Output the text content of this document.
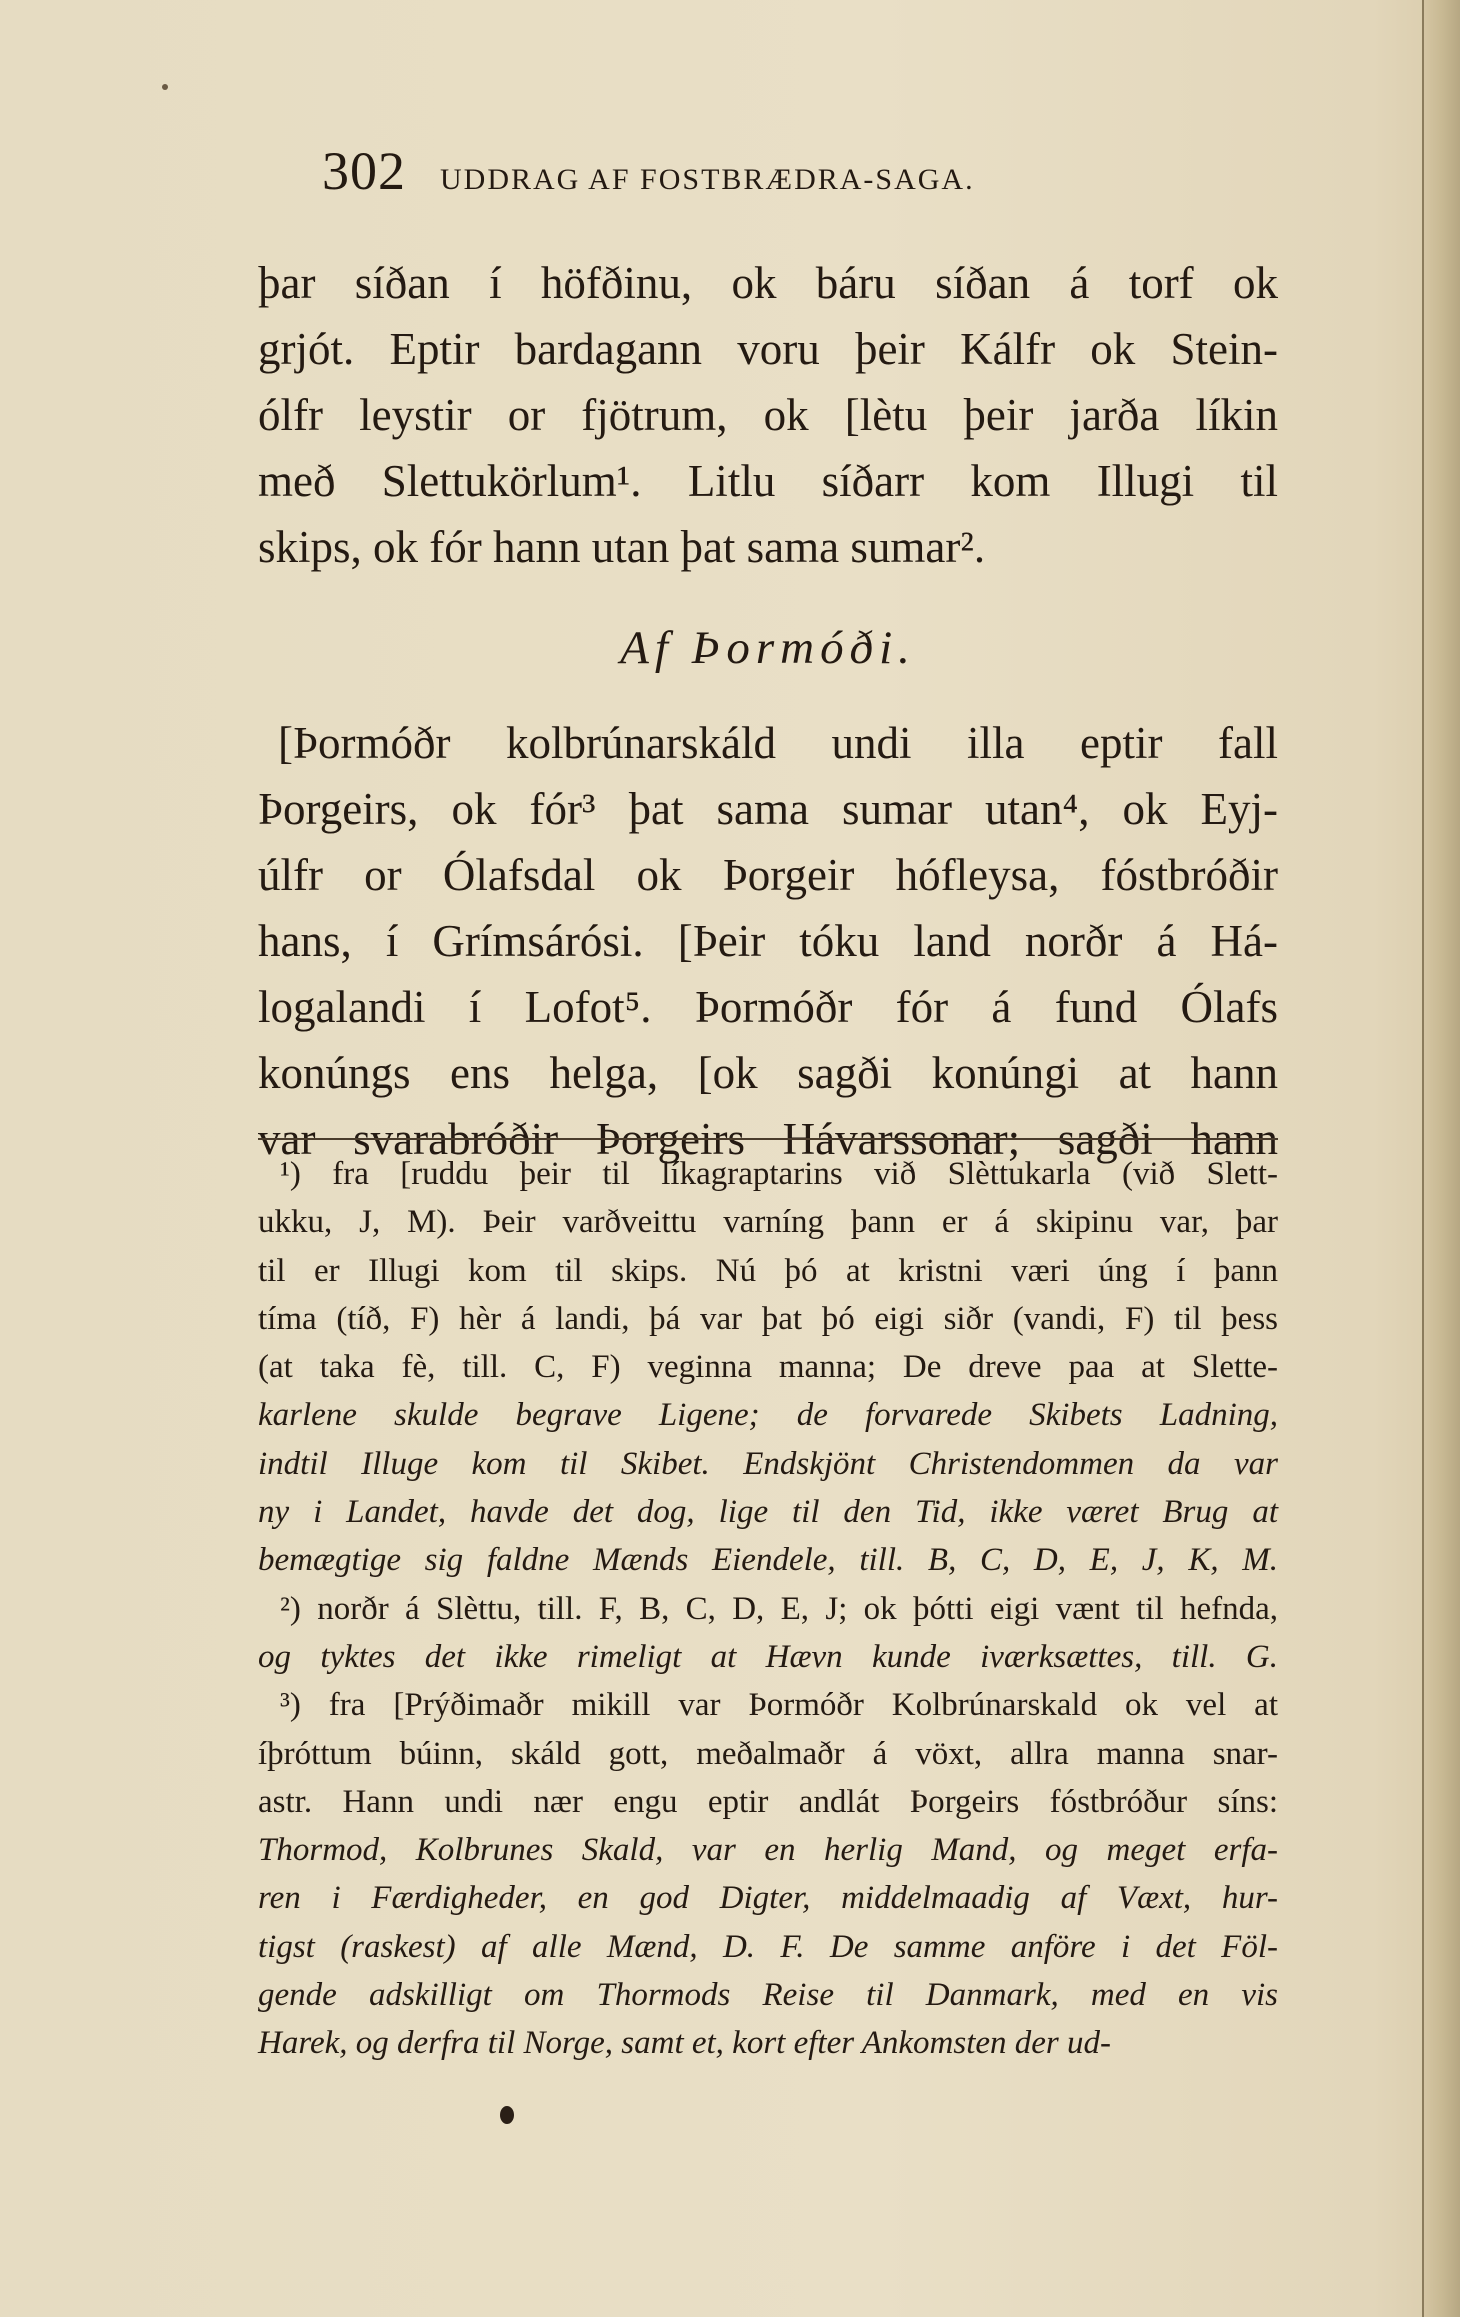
302 UDDRAG AF FOSTBRÆDRA-SAGA.
þar síðan í höfðinu, ok báru síðan á torf ok
grjót. Eptir bardagann voru þeir Kálfr ok Stein-
ólfr leystir or fjötrum, ok [lètu þeir jarða líkin
með Slettukörlum¹. Litlu síðarr kom Illugi til
skips, ok fór hann utan þat sama sumar².
Af Þormóði.
[Þormóðr kolbrúnarskáld undi illa eptir fall
Þorgeirs, ok fór³ þat sama sumar utan⁴, ok Eyj-
úlfr or Ólafsdal ok Þorgeir hófleysa, fóstbróðir
hans, í Grímsárósi. [Þeir tóku land norðr á Há-
logalandi í Lofot⁵. Þormóðr fór á fund Ólafs
konúngs ens helga, [ok sagði konúngi at hann
var svarabróðir Þorgeirs Hávarssonar; sagði hann
¹) fra [ruddu þeir til líkagraptarins við Slèttukarla (við Slett-
ukku, J, M). Þeir varðveittu varníng þann er á skipinu var, þar
til er Illugi kom til skips. Nú þó at kristni væri úng í þann
tíma (tíð, F) hèr á landi, þá var þat þó eigi siðr (vandi, F) til þess
(at taka fè, till. C, F) veginna manna; De dreve paa at Slette-
karlene skulde begrave Ligene; de forvarede Skibets Ladning,
indtil Illuge kom til Skibet. Endskjönt Christendommen da var
ny i Landet, havde det dog, lige til den Tid, ikke været Brug at
bemægtige sig faldne Mænds Eiendele, till. B, C, D, E, J, K, M.
²) norðr á Slèttu, till. F, B, C, D, E, J; ok þótti eigi vænt til hefnda,
og tyktes det ikke rimeligt at Hævn kunde iværksættes, till. G.
³) fra [Prýðimaðr mikill var Þormóðr Kolbrúnarskald ok vel at
íþróttum búinn, skáld gott, meðalmaðr á vöxt, allra manna snar-
astr. Hann undi nær engu eptir andlát Þorgeirs fóstbróður síns:
Thormod, Kolbrunes Skald, var en herlig Mand, og meget erfa-
ren i Færdigheder, en god Digter, middelmaadig af Væxt, hur-
tigst (raskest) af alle Mænd, D. F. De samme anföre i det Föl-
gende adskilligt om Thormods Reise til Danmark, med en vis
Harek, og derfra til Norge, samt et, kort efter Ankomsten der ud-
